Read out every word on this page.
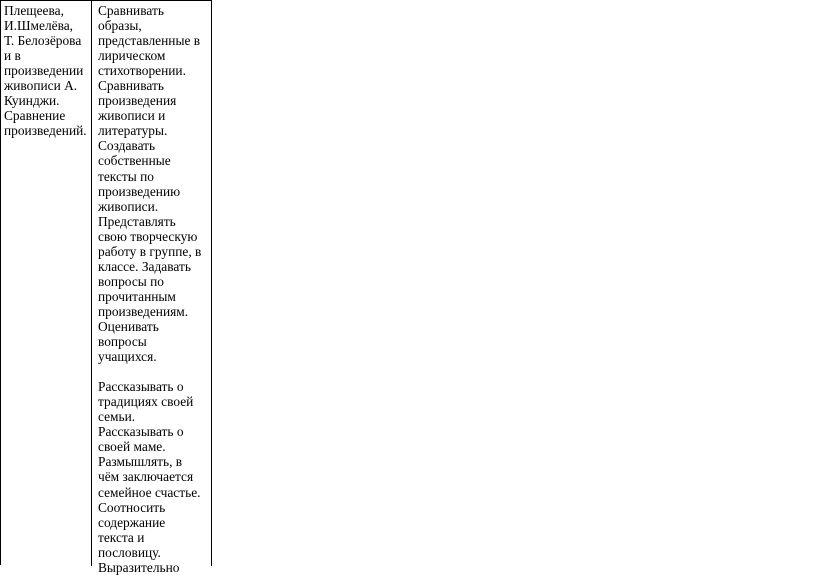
Плещеева,
И.Шмелёва,
Т. Белозёрова
и в
произведении
живописи А.
Куинджи.
Сравнение
произведений.

Сравнивать
образы,
представленные в
лирическом
стихотворении.
Сравнивать
произведения
живописи и
литературы.
Создавать
собственные
тексты по
произведению
живописи.
Представлять
свою творческую
работу в группе, в
классе. Задавать
вопросы по
прочитанным
произведениям.
Оценивать
вопросы
учащихся.

Рассказывать о
традициях своей
семьи.
Рассказывать о
своей маме.
Размышлять, в
чём заключается
семейное счастье.
Соотносить
содержание
текста и
пословицу.
Выразительно
